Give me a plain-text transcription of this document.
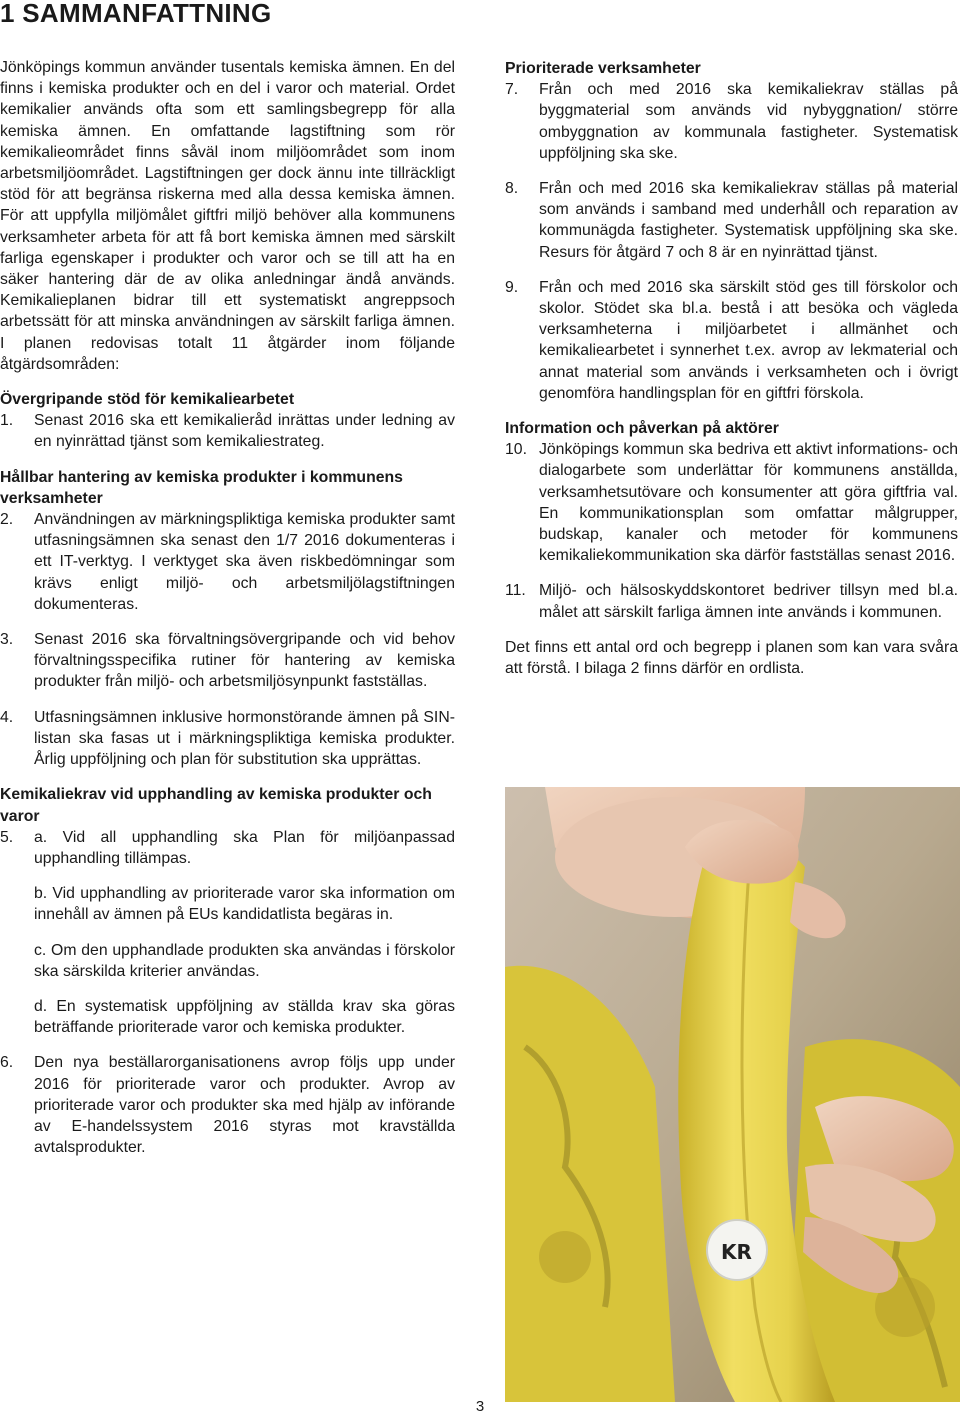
1 SAMMANFATTNING

Jönköpings kommun använder tusentals kemiska ämnen. En del finns i kemiska produkter och en del i varor och material. Ordet kemikalier används ofta som ett samlingsbegrepp för alla kemiska ämnen. En omfattande lagstiftning som rör kemikalieområdet finns såväl inom miljöområdet som inom arbetsmiljöområdet. Lagstiftningen ger dock ännu inte tillräckligt stöd för att begränsa riskerna med alla dessa kemiska ämnen. För att uppfylla miljömålet giftfri miljö behöver alla kommunens verksamheter arbeta för att få bort kemiska ämnen med särskilt farliga egenskaper i produkter och varor och se till att ha en säker hantering där de av olika anledningar ändå används. Kemikalieplanen bidrar till ett systematiskt angreppsoch arbetssätt för att minska användningen av särskilt farliga ämnen. I planen redovisas totalt 11 åtgärder inom följande åtgärdsområden:

Övergripande stöd för kemikaliearbetet

1.	Senast 2016 ska ett kemikalieråd inrättas under ledning av en nyinrättad tjänst som kemikaliestrateg.

Hållbar hantering av kemiska produkter i kommunens verksamheter

2.	Användningen av märkningspliktiga kemiska produkter samt utfasningsämnen ska senast den 1/7 2016 dokumenteras i ett IT-verktyg. I verktyget ska även riskbedömningar som krävs enligt miljö- och arbetsmiljölagstiftningen dokumenteras.
3.	Senast 2016 ska förvaltningsövergripande och vid behov förvaltningsspecifika rutiner för hantering av kemiska produkter från miljö- och arbetsmiljösynpunkt fastställas.
4.	Utfasningsämnen inklusive hormonstörande ämnen på SIN-listan ska fasas ut i märkningspliktiga kemiska produkter. Årlig uppföljning och plan för substitution ska upprättas.

Kemikaliekrav vid upphandling av kemiska produkter och varor

5.	a. Vid all upphandling ska Plan för miljöanpassad upphandling tillämpas.
b. Vid upphandling av prioriterade varor ska information om innehåll av ämnen på EUs kandidatlista begäras in.
c. Om den upphandlade produkten ska användas i förskolor ska särskilda kriterier användas.
d. En systematisk uppföljning av ställda krav ska göras beträffande prioriterade varor och kemiska produkter.
6.	Den nya beställarorganisationens avrop följs upp under 2016 för prioriterade varor och produkter. Avrop av prioriterade varor och produkter ska med hjälp av införande av E-handelssystem 2016 styras mot kravställda avtalsprodukter.

Prioriterade verksamheter

7.	Från och med 2016 ska kemikaliekrav ställas på byggmaterial som används vid nybyggnation/ större ombyggnation av kommunala fastigheter. Systematisk uppföljning ska ske.
8.	Från och med 2016 ska kemikaliekrav ställas på material som används i samband med underhåll och reparation av kommunägda fastigheter. Systematisk uppföljning ska ske. Resurs för åtgärd 7 och 8 är en nyinrättad tjänst.
9.	Från och med 2016 ska särskilt stöd ges till förskolor och skolor. Stödet ska bl.a. bestå i att besöka och vägleda verksamheterna i miljöarbetet i allmänhet och kemikaliearbetet i synnerhet t.ex. avrop av lekmaterial och annat material som används i verksamheten och i övrigt genomföra handlingsplan för en giftfri förskola.

Information och påverkan på aktörer

10. Jönköpings kommun ska bedriva ett aktivt informations- och dialogarbete som underlättar för kommunens anställda, verksamhetsutövare och konsumenter att göra giftfria val. En kommunikationsplan som omfattar målgrupper, budskap, kanaler och metoder för kommunens kemikaliekommunikation ska därför fastställas senast 2016.
11. Miljö- och hälsoskyddskontoret bedriver tillsyn med bl.a. målet att särskilt farliga ämnen inte används i kommunen.

Det finns ett antal ord och begrepp i planen som kan vara svåra att förstå. I bilaga 2 finns därför en ordlista.

KR
3
